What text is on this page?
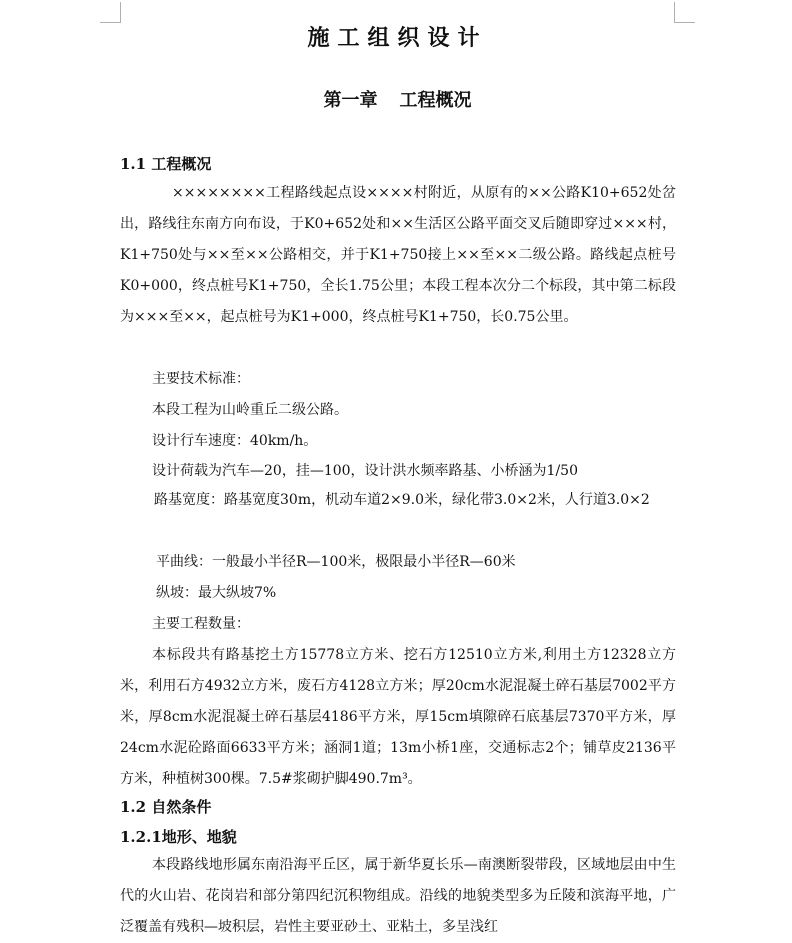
施工组织设计
第一章 工程概况
1.1 工程概况
××××××××工程路线起点设××××村附近，从原有的××公路K10+652处岔出，路线往东南方向布设，于K0+652处和××生活区公路平面交叉后随即穿过×××村，K1+750处与××至××公路相交，并于K1+750接上××至××二级公路。路线起点桩号K0+000，终点桩号K1+750，全长1.75公里；本段工程本次分二个标段，其中第二标段为×××至××，起点桩号为K1+000，终点桩号K1+750，长0.75公里。
主要技术标准：
本段工程为山岭重丘二级公路。
设计行车速度：40km/h。
设计荷载为汽车—20，挂—100，设计洪水频率路基、小桥涵为1/50
路基宽度：路基宽度30m，机动车道2×9.0米，绿化带3.0×2米，人行道3.0×2
平曲线：一般最小半径R—100米，极限最小半径R—60米
纵坡：最大纵坡7%
主要工程数量：
本标段共有路基挖土方15778立方米、挖石方12510立方米,利用土方12328立方米，利用石方4932立方米，废石方4128立方米；厚20cm水泥混凝土碎石基层7002平方米，厚8cm水泥混凝土碎石基层4186平方米，厚15cm填隙碎石底基层7370平方米，厚24cm水泥砼路面6633平方米；涵洞1道；13m小桥1座，交通标志2个；铺草皮2136平方米，种植树300棵。7.5#浆砌护脚490.7m³。
1.2 自然条件
1.2.1地形、地貌
本段路线地形属东南沿海平丘区，属于新华夏长乐—南澳断裂带段，区域地层由中生代的火山岩、花岗岩和部分第四纪沉积物组成。沿线的地貌类型多为丘陵和滨海平地，广泛覆盖有残积—坡积层，岩性主要亚砂土、亚粘土，多呈浅红
